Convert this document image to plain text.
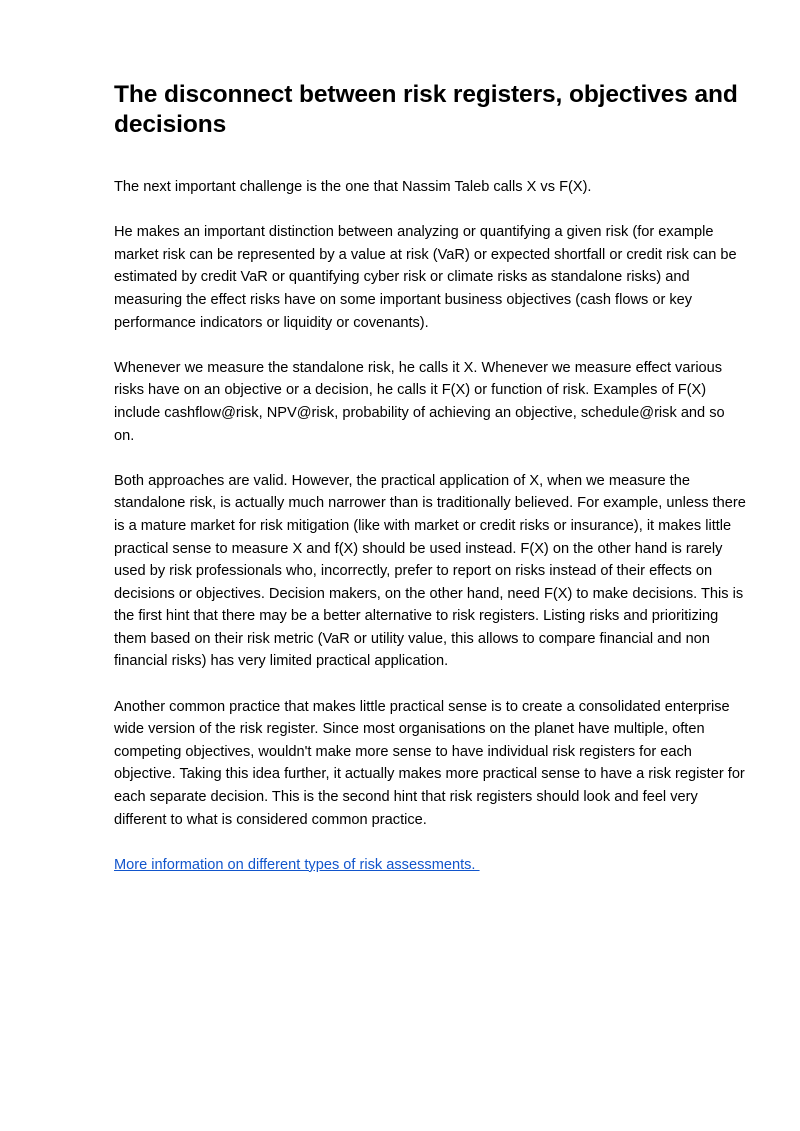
The disconnect between risk registers, objectives and decisions

The next important challenge is the one that Nassim Taleb calls X vs F(X).

He makes an important distinction between analyzing or quantifying a given risk (for example market risk can be represented by a value at risk (VaR) or expected shortfall or credit risk can be estimated by credit VaR or quantifying cyber risk or climate risks as standalone risks) and measuring the effect risks have on some important business objectives (cash flows or key performance indicators or liquidity or covenants).

Whenever we measure the standalone risk, he calls it X. Whenever we measure effect various risks have on an objective or a decision, he calls it F(X) or function of risk. Examples of F(X) include cashflow@risk, NPV@risk, probability of achieving an objective, schedule@risk and so on.

Both approaches are valid. However, the practical application of X, when we measure the standalone risk, is actually much narrower than is traditionally believed. For example, unless there is a mature market for risk mitigation (like with market or credit risks or insurance), it makes little practical sense to measure X and f(X) should be used instead. F(X) on the other hand is rarely used by risk professionals who, incorrectly, prefer to report on risks instead of their effects on decisions or objectives. Decision makers, on the other hand, need F(X) to make decisions. This is the first hint that there may be a better alternative to risk registers. Listing risks and prioritizing them based on their risk metric (VaR or utility value, this allows to compare financial and non financial risks) has very limited practical application.

Another common practice that makes little practical sense is to create a consolidated enterprise wide version of the risk register. Since most organisations on the planet have multiple, often competing objectives, wouldn't make more sense to have individual risk registers for each objective. Taking this idea further, it actually makes more practical sense to have a risk register for each separate decision. This is the second hint that risk registers should look and feel very different to what is considered common practice.

More information on different types of risk assessments.
